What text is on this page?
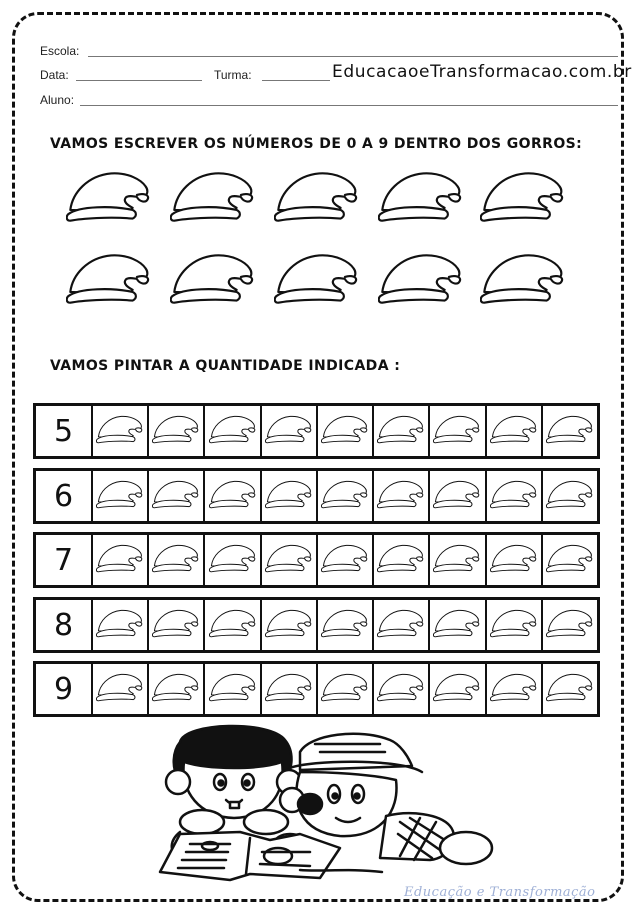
Escola:
Data:	Turma:	EducacaoeTransformacao.com.br
Aluno:
VAMOS ESCREVER OS NÚMEROS DE 0 A 9 DENTRO DOS GORROS:
VAMOS PINTAR A QUANTIDADE INDICADA :
5
6
7
8
9
Educação e Transformação
